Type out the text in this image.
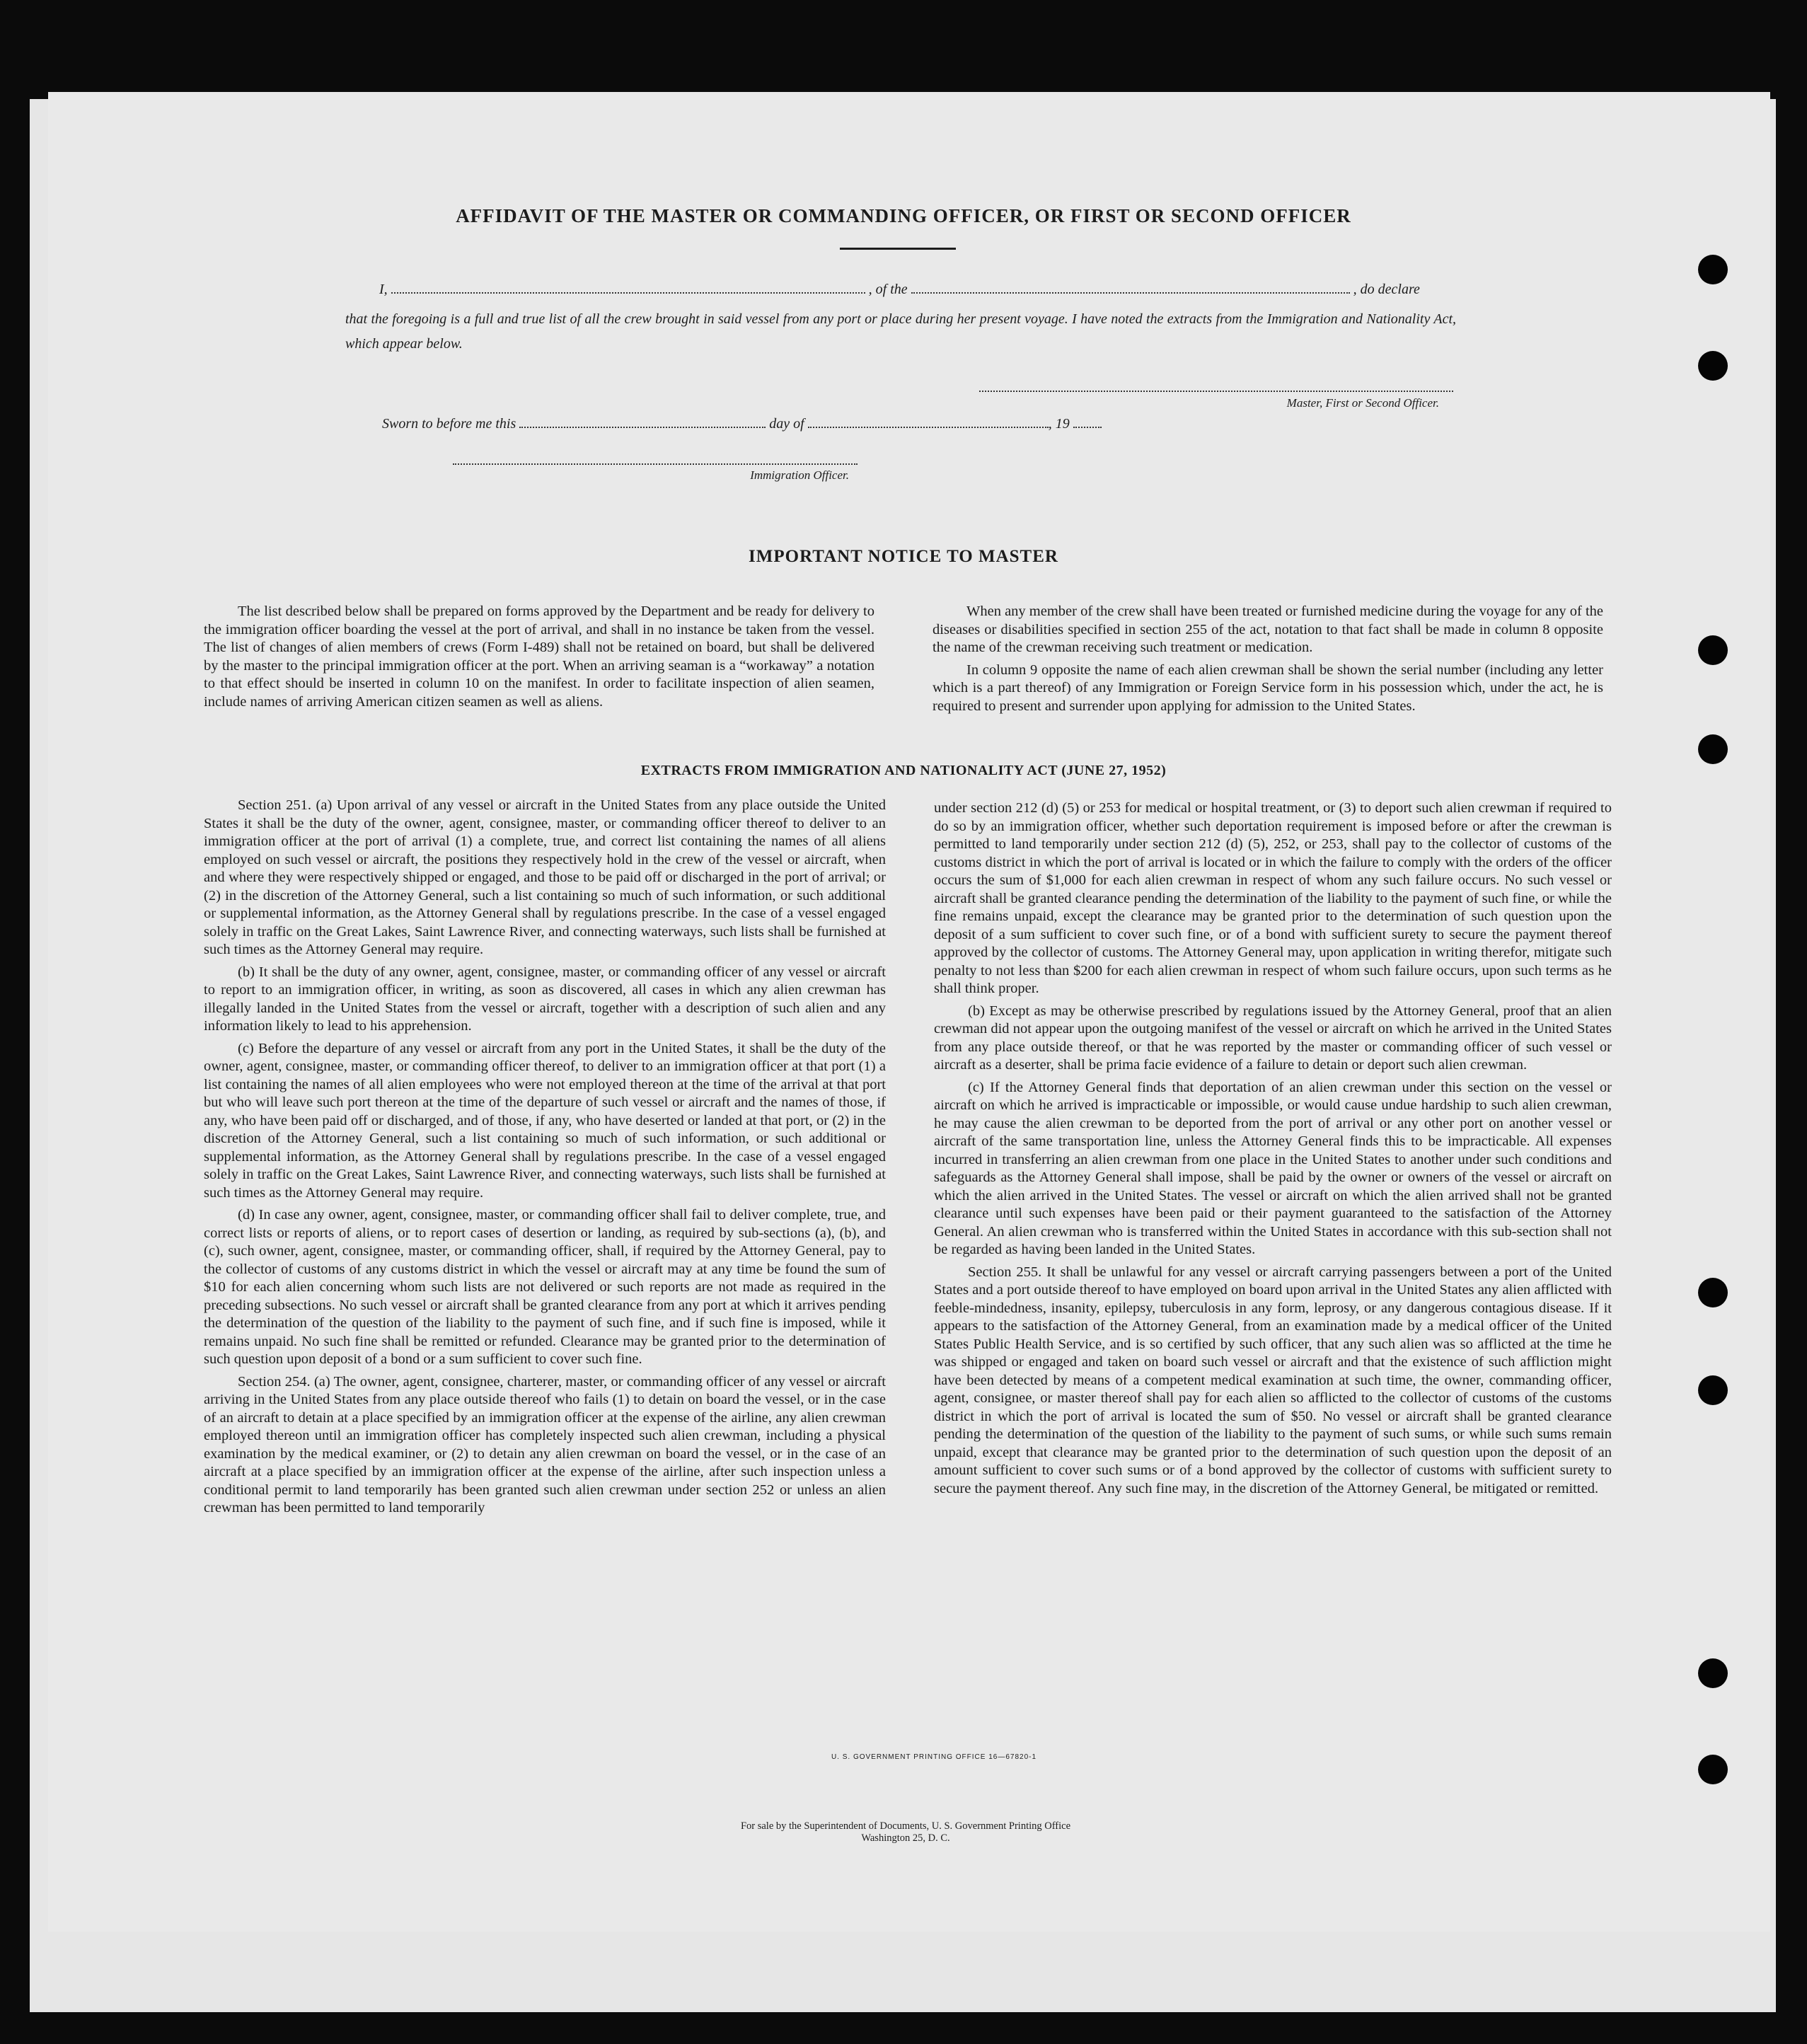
AFFIDAVIT OF THE MASTER OR COMMANDING OFFICER, OR FIRST OR SECOND OFFICER
I,	, of the	, do declare
that the foregoing is a full and true list of all the crew brought in said vessel from any port or place during her present voyage. I have noted the extracts from the Immigration and Nationality Act, which appear below.
Master, First or Second Officer.
Sworn to before me this	day of	, 19
Immigration Officer.
IMPORTANT NOTICE TO MASTER

The list described below shall be prepared on forms approved by the Department and be ready for delivery to the immigration officer boarding the vessel at the port of arrival, and shall in no instance be taken from the vessel. The list of changes of alien members of crews (Form I-489) shall not be retained on board, but shall be delivered by the master to the principal immigration officer at the port. When an arriving seaman is a “workaway” a notation to that effect should be inserted in column 10 on the manifest. In order to facilitate inspection of alien seamen, include names of arriving American citizen seamen as well as aliens.

When any member of the crew shall have been treated or furnished medicine during the voyage for any of the diseases or disabilities specified in section 255 of the act, notation to that fact shall be made in column 8 opposite the name of the crewman receiving such treatment or medication.

In column 9 opposite the name of each alien crewman shall be shown the serial number (including any letter which is a part thereof) of any Immigration or Foreign Service form in his possession which, under the act, he is required to present and surrender upon applying for admission to the United States.

EXTRACTS FROM IMMIGRATION AND NATIONALITY ACT (JUNE 27, 1952)

Section 251. (a) Upon arrival of any vessel or aircraft in the United States from any place outside the United States it shall be the duty of the owner, agent, consignee, master, or commanding officer thereof to deliver to an immigration officer at the port of arrival (1) a complete, true, and correct list containing the names of all aliens employed on such vessel or aircraft, the positions they respectively hold in the crew of the vessel or aircraft, when and where they were respectively shipped or engaged, and those to be paid off or discharged in the port of arrival; or (2) in the discretion of the Attorney General, such a list containing so much of such information, or such additional or supplemental information, as the Attorney General shall by regulations prescribe. In the case of a vessel engaged solely in traffic on the Great Lakes, Saint Lawrence River, and connecting waterways, such lists shall be furnished at such times as the Attorney General may require.

(b) It shall be the duty of any owner, agent, consignee, master, or commanding officer of any vessel or aircraft to report to an immigration officer, in writing, as soon as discovered, all cases in which any alien crewman has illegally landed in the United States from the vessel or aircraft, together with a description of such alien and any information likely to lead to his apprehension.

(c) Before the departure of any vessel or aircraft from any port in the United States, it shall be the duty of the owner, agent, consignee, master, or commanding officer thereof, to deliver to an immigration officer at that port (1) a list containing the names of all alien employees who were not employed thereon at the time of the arrival at that port but who will leave such port thereon at the time of the departure of such vessel or aircraft and the names of those, if any, who have been paid off or discharged, and of those, if any, who have deserted or landed at that port, or (2) in the discretion of the Attorney General, such a list containing so much of such information, or such additional or supplemental information, as the Attorney General shall by regulations prescribe. In the case of a vessel engaged solely in traffic on the Great Lakes, Saint Lawrence River, and connecting waterways, such lists shall be furnished at such times as the Attorney General may require.

(d) In case any owner, agent, consignee, master, or commanding officer shall fail to deliver complete, true, and correct lists or reports of aliens, or to report cases of desertion or landing, as required by sub-sections (a), (b), and (c), such owner, agent, consignee, master, or commanding officer, shall, if required by the Attorney General, pay to the collector of customs of any customs district in which the vessel or aircraft may at any time be found the sum of $10 for each alien concerning whom such lists are not delivered or such reports are not made as required in the preceding subsections. No such vessel or aircraft shall be granted clearance from any port at which it arrives pending the determination of the question of the liability to the payment of such fine, and if such fine is imposed, while it remains unpaid. No such fine shall be remitted or refunded. Clearance may be granted prior to the determination of such question upon deposit of a bond or a sum sufficient to cover such fine.

Section 254. (a) The owner, agent, consignee, charterer, master, or commanding officer of any vessel or aircraft arriving in the United States from any place outside thereof who fails (1) to detain on board the vessel, or in the case of an aircraft to detain at a place specified by an immigration officer at the expense of the airline, any alien crewman employed thereon until an immigration officer has completely inspected such alien crewman, including a physical examination by the medical examiner, or (2) to detain any alien crewman on board the vessel, or in the case of an aircraft at a place specified by an immigration officer at the expense of the airline, after such inspection unless a conditional permit to land temporarily has been granted such alien crewman under section 252 or unless an alien crewman has been permitted to land temporarily

under section 212 (d) (5) or 253 for medical or hospital treatment, or (3) to deport such alien crewman if required to do so by an immigration officer, whether such deportation requirement is imposed before or after the crewman is permitted to land temporarily under section 212 (d) (5), 252, or 253, shall pay to the collector of customs of the customs district in which the port of arrival is located or in which the failure to comply with the orders of the officer occurs the sum of $1,000 for each alien crewman in respect of whom any such failure occurs. No such vessel or aircraft shall be granted clearance pending the determination of the liability to the payment of such fine, or while the fine remains unpaid, except the clearance may be granted prior to the determination of such question upon the deposit of a sum sufficient to cover such fine, or of a bond with sufficient surety to secure the payment thereof approved by the collector of customs. The Attorney General may, upon application in writing therefor, mitigate such penalty to not less than $200 for each alien crewman in respect of whom such failure occurs, upon such terms as he shall think proper.

(b) Except as may be otherwise prescribed by regulations issued by the Attorney General, proof that an alien crewman did not appear upon the outgoing manifest of the vessel or aircraft on which he arrived in the United States from any place outside thereof, or that he was reported by the master or commanding officer of such vessel or aircraft as a deserter, shall be prima facie evidence of a failure to detain or deport such alien crewman.

(c) If the Attorney General finds that deportation of an alien crewman under this section on the vessel or aircraft on which he arrived is impracticable or impossible, or would cause undue hardship to such alien crewman, he may cause the alien crewman to be deported from the port of arrival or any other port on another vessel or aircraft of the same transportation line, unless the Attorney General finds this to be impracticable. All expenses incurred in transferring an alien crewman from one place in the United States to another under such conditions and safeguards as the Attorney General shall impose, shall be paid by the owner or owners of the vessel or aircraft on which the alien arrived in the United States. The vessel or aircraft on which the alien arrived shall not be granted clearance until such expenses have been paid or their payment guaranteed to the satisfaction of the Attorney General. An alien crewman who is transferred within the United States in accordance with this sub-section shall not be regarded as having been landed in the United States.

Section 255. It shall be unlawful for any vessel or aircraft carrying passengers between a port of the United States and a port outside thereof to have employed on board upon arrival in the United States any alien afflicted with feeble-mindedness, insanity, epilepsy, tuberculosis in any form, leprosy, or any dangerous contagious disease. If it appears to the satisfaction of the Attorney General, from an examination made by a medical officer of the United States Public Health Service, and is so certified by such officer, that any such alien was so afflicted at the time he was shipped or engaged and taken on board such vessel or aircraft and that the existence of such affliction might have been detected by means of a competent medical examination at such time, the owner, commanding officer, agent, consignee, or master thereof shall pay for each alien so afflicted to the collector of customs of the customs district in which the port of arrival is located the sum of $50. No vessel or aircraft shall be granted clearance pending the determination of the question of the liability to the payment of such sums, or while such sums remain unpaid, except that clearance may be granted prior to the determination of such question upon the deposit of an amount sufficient to cover such sums or of a bond approved by the collector of customs with sufficient surety to secure the payment thereof. Any such fine may, in the discretion of the Attorney General, be mitigated or remitted.

U. S. GOVERNMENT PRINTING OFFICE 16—67820-1
For sale by the Superintendent of Documents, U. S. Government Printing Office
Washington 25, D. C.
